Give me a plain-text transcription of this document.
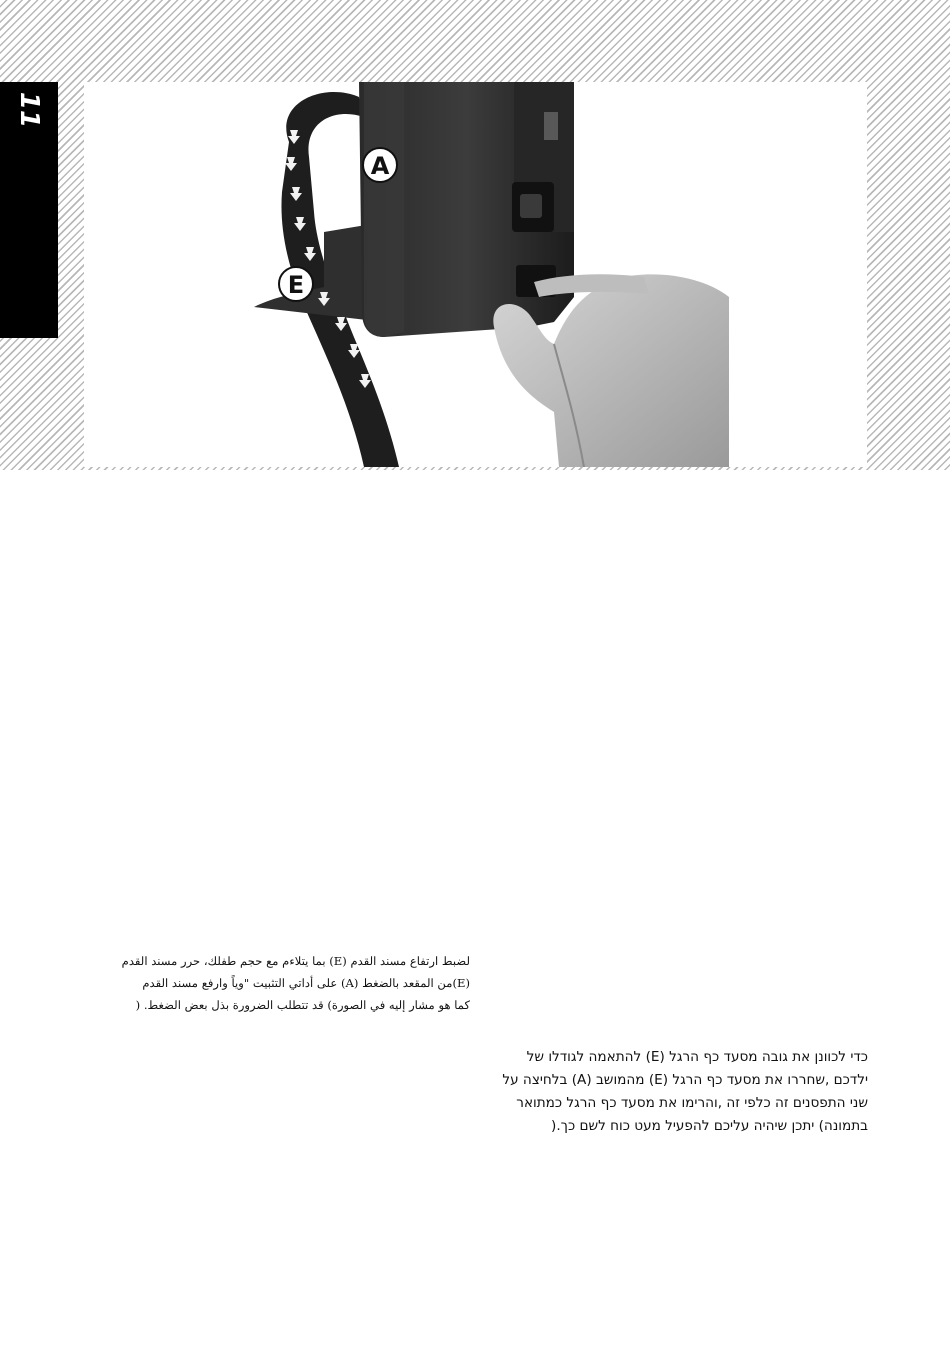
11
A
E

لضبط ارتفاع مسند القدم (E) بما يتلاءم مع حجم طفلك، حرر مسند القدم

(E)من المقعد بالضغط (A) على أداتي التثبيت "وياً وارفع مسند القدم

كما هو مشار إليه في الصورة) قد تتطلب الضرورة بذل بعض الضغط. (

כדי לכוונן את גובה מסעד כף הרגל (E) להתאמה לגודלו של

ילדכם ,שחררו את מסעד כף הרגל (E) מהמושב (A) בלחיצה על

שני התפסנים זה כלפי זה ,והרימו את מסעד כף הרגל כמתואר

בתמונה) יתכן שיהיה עליכם להפעיל מעט כוח לשם כך.(
